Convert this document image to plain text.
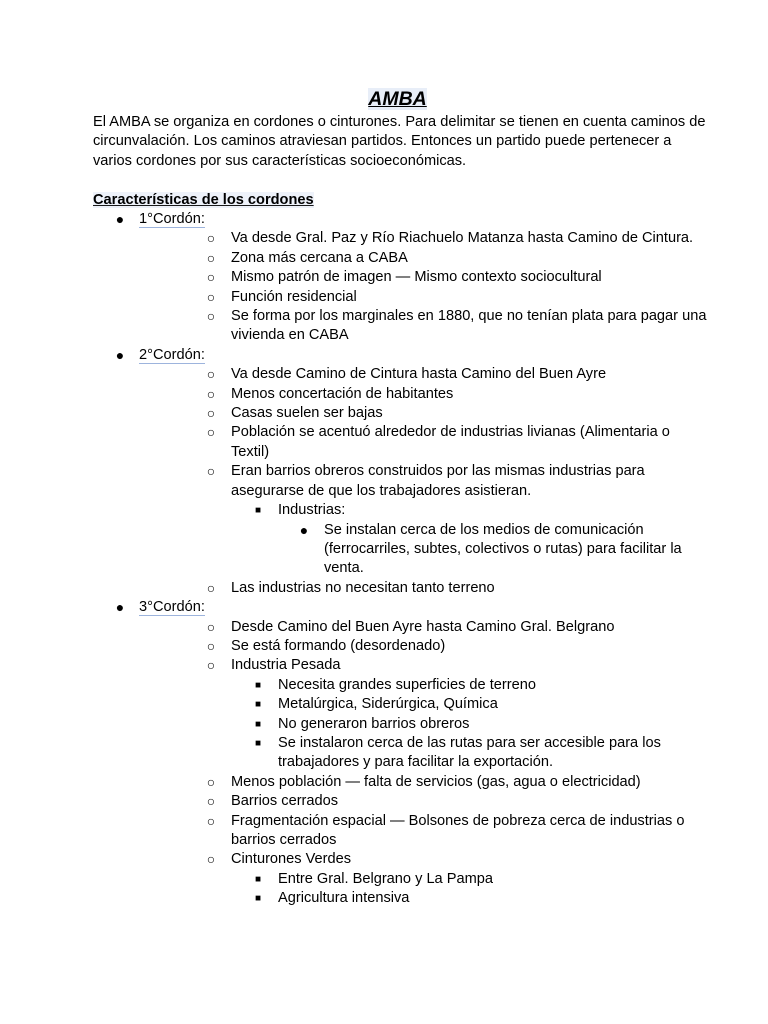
AMBA

El AMBA se organiza en cordones o cinturones. Para delimitar se tienen en cuenta caminos de circunvalación. Los caminos atraviesan partidos. Entonces un partido puede pertenecer a varios cordones por sus características socioeconómicas.

Características de los cordones

● 1°Cordón:
○ Va desde Gral. Paz y Río Riachuelo Matanza hasta Camino de Cintura.
○ Zona más cercana a CABA
○ Mismo patrón de imagen — Mismo contexto sociocultural
○ Función residencial
○ Se forma por los marginales en 1880, que no tenían plata para pagar una vivienda en CABA
● 2°Cordón:
○ Va desde Camino de Cintura hasta Camino del Buen Ayre
○ Menos concertación de habitantes
○ Casas suelen ser bajas
○ Población se acentuó alrededor de industrias livianas (Alimentaria o Textil)
○ Eran barrios obreros construidos por las mismas industrias para asegurarse de que los trabajadores asistieran.
■	Industrias:
● Se instalan cerca de los medios de comunicación (ferrocarriles, subtes, colectivos o rutas) para facilitar la venta.
○ Las industrias no necesitan tanto terreno
● 3°Cordón:
○ Desde Camino del Buen Ayre hasta Camino Gral. Belgrano
○ Se está formando (desordenado)
○ Industria Pesada
■	Necesita grandes superficies de terreno
■	Metalúrgica, Siderúrgica, Química
■	No generaron barrios obreros
■	Se instalaron cerca de las rutas para ser accesible para los trabajadores y para facilitar la exportación.
○ Menos población — falta de servicios (gas, agua o electricidad)
○ Barrios cerrados
○ Fragmentación espacial — Bolsones de pobreza cerca de industrias o barrios cerrados
○ Cinturones Verdes
■	Entre Gral. Belgrano y La Pampa
■	Agricultura intensiva
